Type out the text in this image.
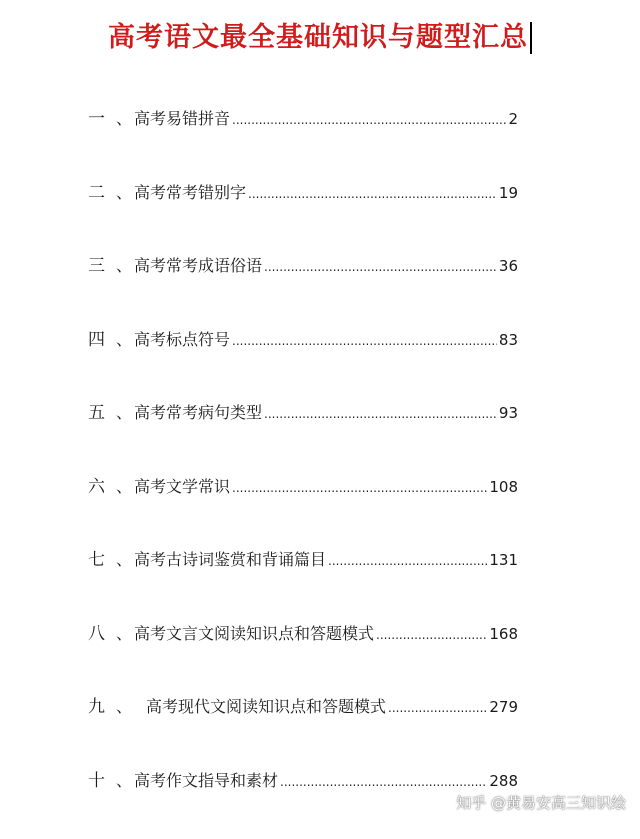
高考语文最全基础知识与题型汇总
一 、 高考易错拼音 .....	2
二 、 高考常考错别字 .....	19
三 、 高考常考成语俗语 .....	36
四 、 高考标点符号 .....	83
五 、 高考常考病句类型 .....	93
六 、 高考文学常识 .....	108
七 、 高考古诗词鉴赏和背诵篇目 .....	131
八 、 高考文言文阅读知识点和答题模式 .....	168
九 、 高考现代文阅读知识点和答题模式 .....	279
十 、 高考作文指导和素材 .....	288
知乎 @黄易安高三知识绘
